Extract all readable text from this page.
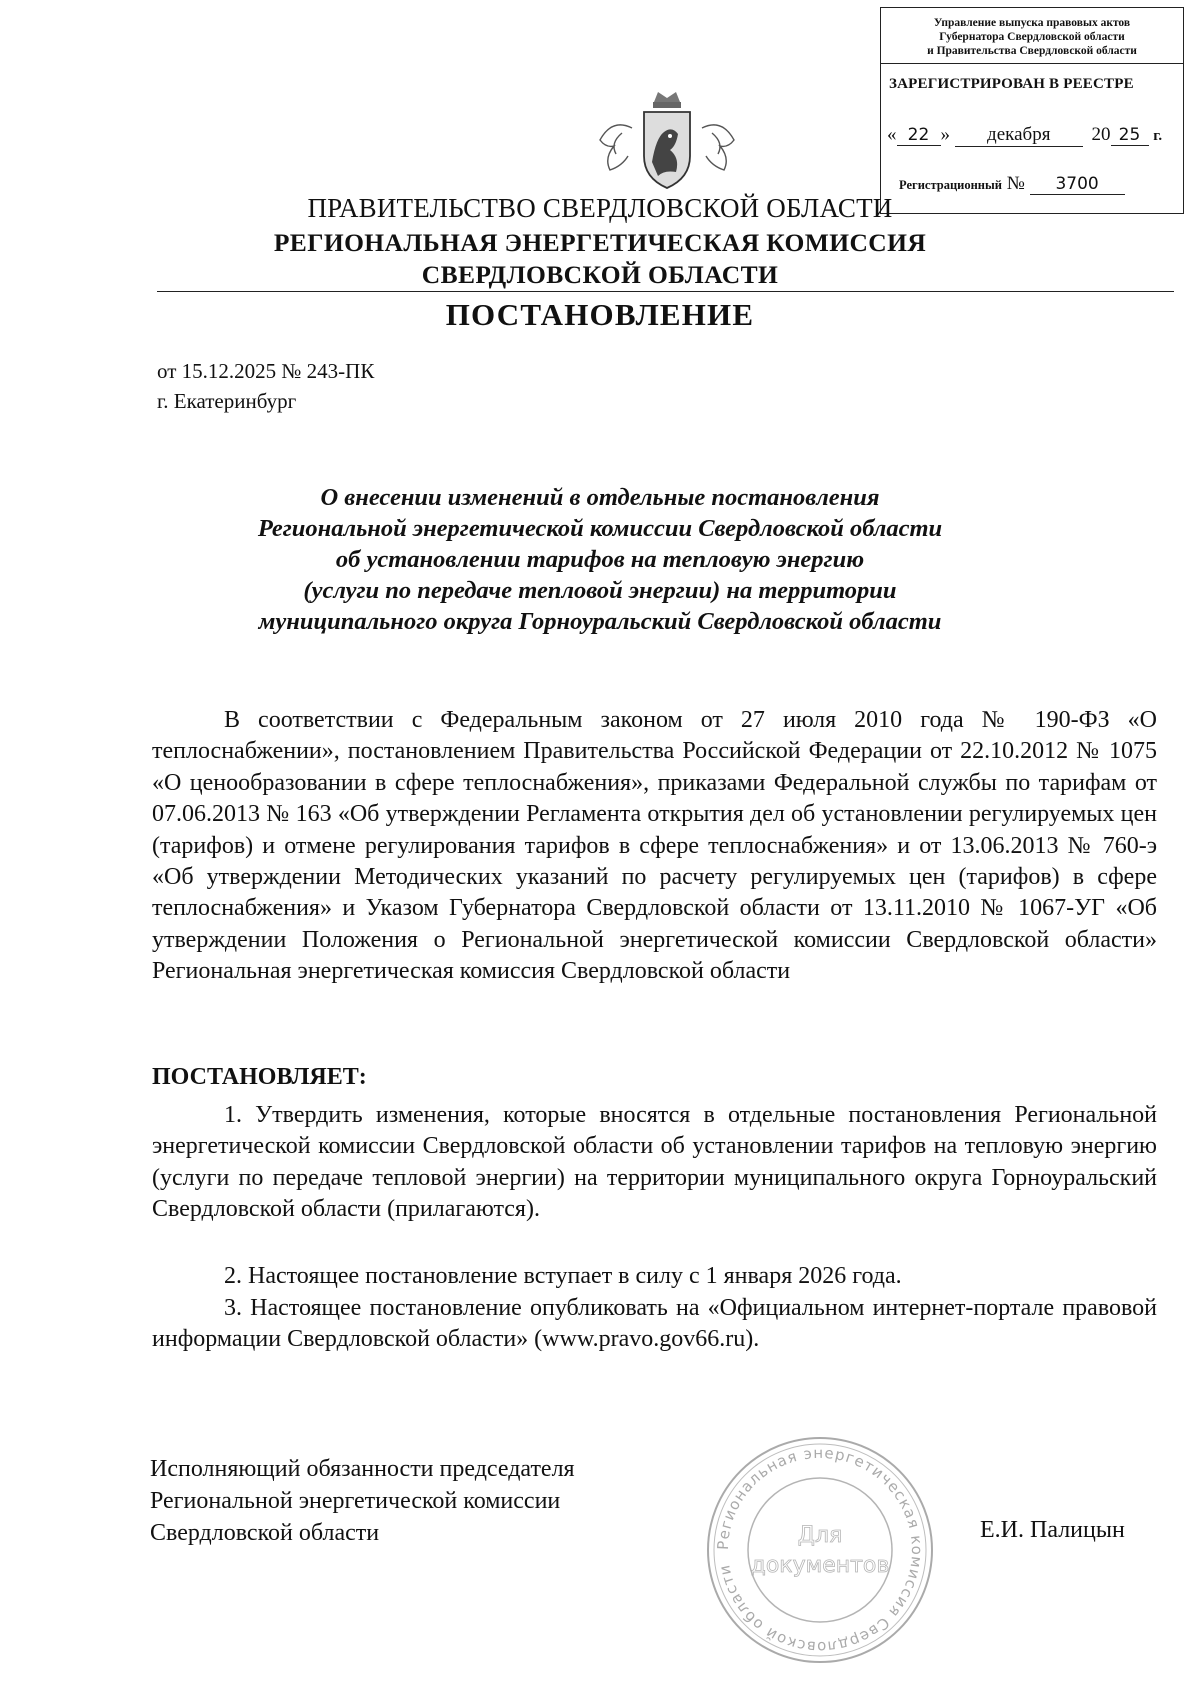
Управление выпуска правовых актов
Губернатора Свердловской области
и Правительства Свердловской области
ЗАРЕГИСТРИРОВАН В РЕЕСТРЕ
« 22 » декабря 20 25 г.
Регистрационный № 3700
ПРАВИТЕЛЬСТВО СВЕРДЛОВСКОЙ ОБЛАСТИ
РЕГИОНАЛЬНАЯ ЭНЕРГЕТИЧЕСКАЯ КОМИССИЯ
СВЕРДЛОВСКОЙ ОБЛАСТИ
ПОСТАНОВЛЕНИЕ
от 15.12.2025 № 243-ПК
г. Екатеринбург
О внесении изменений в отдельные постановления
Региональной энергетической комиссии Свердловской области
об установлении тарифов на тепловую энергию
(услуги по передаче тепловой энергии) на территории
муниципального округа Горноуральский Свердловской области
В соответствии с Федеральным законом от 27 июля 2010 года № 190-ФЗ «О теплоснабжении», постановлением Правительства Российской Федерации от 22.10.2012 № 1075 «О ценообразовании в сфере теплоснабжения», приказами Федеральной службы по тарифам от 07.06.2013 № 163 «Об утверждении Регламента открытия дел об установлении регулируемых цен (тарифов) и отмене регулирования тарифов в сфере теплоснабжения» и от 13.06.2013 № 760-э «Об утверждении Методических указаний по расчету регулируемых цен (тарифов) в сфере теплоснабжения» и Указом Губернатора Свердловской области от 13.11.2010 № 1067-УГ «Об утверждении Положения о Региональной энергетической комиссии Свердловской области» Региональная энергетическая комиссия Свердловской области
ПОСТАНОВЛЯЕТ:
1. Утвердить изменения, которые вносятся в отдельные постановления Региональной энергетической комиссии Свердловской области об установлении тарифов на тепловую энергию (услуги по передаче тепловой энергии) на территории муниципального округа Горноуральский Свердловской области (прилагаются).
2. Настоящее постановление вступает в силу с 1 января 2026 года.
3. Настоящее постановление опубликовать на «Официальном интернет-портале правовой информации Свердловской области» (www.pravo.gov66.ru).
Исполняющий обязанности председателя
Региональной энергетической комиссии
Свердловской области	Е.И. Палицын
Региональная энергетическая комиссия Свердловской области
Для
документов
